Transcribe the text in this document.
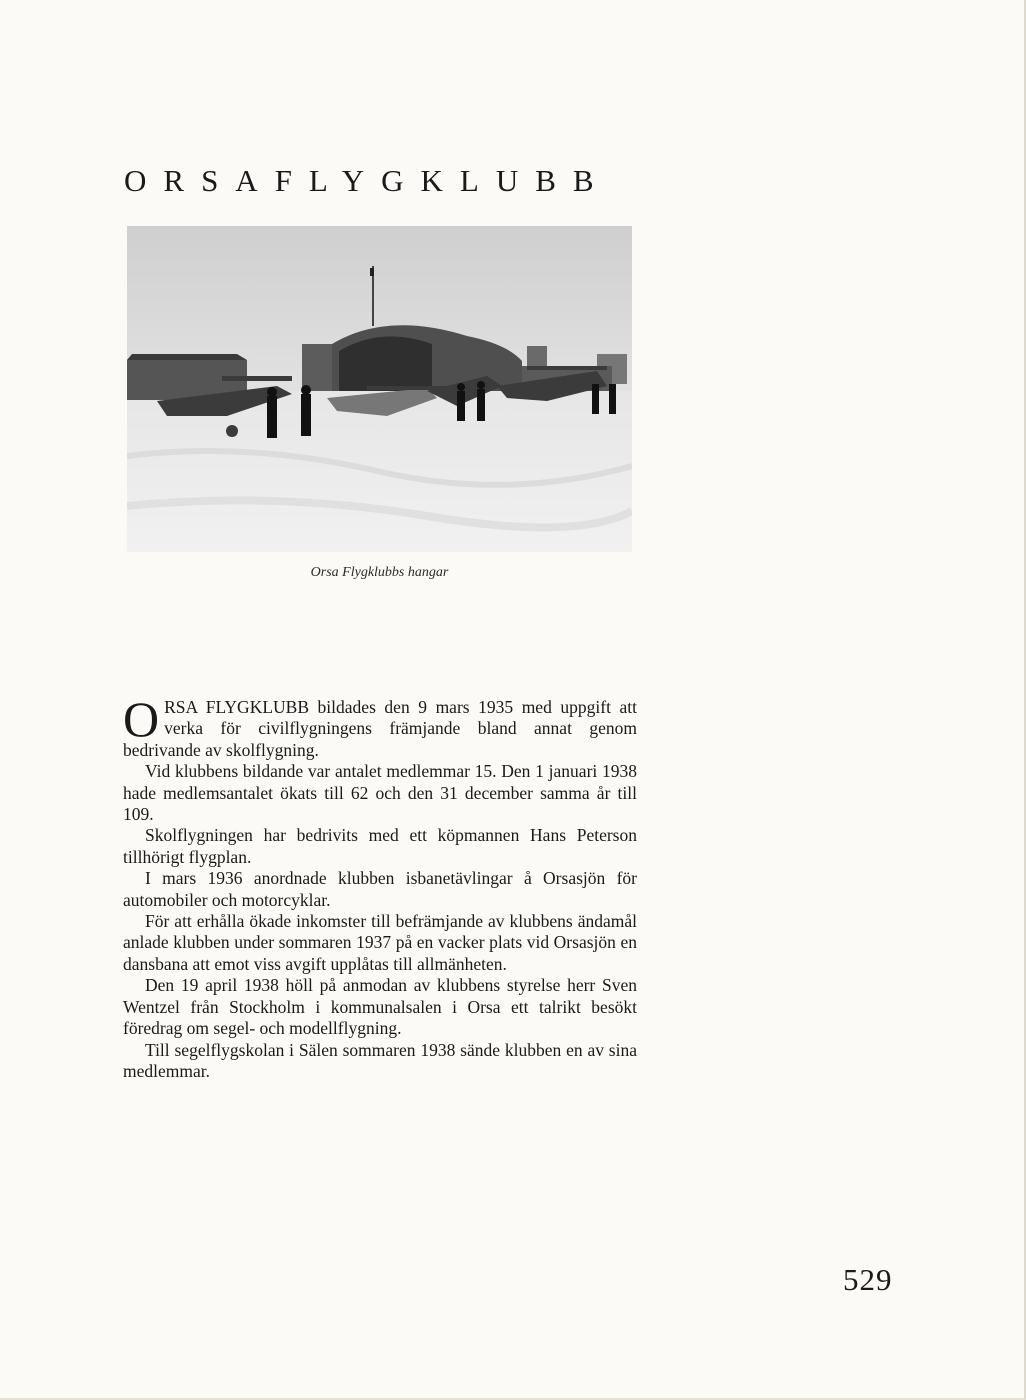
ORSAFLYGKLUBB
Orsa Flygklubbs hangar

ORSA FLYGKLUBB bildades den 9 mars 1935 med uppgift att verka för civilflygningens främjande bland annat genom bedrivande av skolflygning.

Vid klubbens bildande var antalet medlemmar 15. Den 1 januari 1938 hade medlemsantalet ökats till 62 och den 31 december samma år till 109.

Skolflygningen har bedrivits med ett köpmannen Hans Peterson tillhörigt flygplan.

I mars 1936 anordnade klubben isbanetävlingar å Orsasjön för automobiler och motorcyklar.

För att erhålla ökade inkomster till befrämjande av klubbens ändamål anlade klubben under sommaren 1937 på en vacker plats vid Orsasjön en dansbana att emot viss avgift upplåtas till allmänheten.

Den 19 april 1938 höll på anmodan av klubbens styrelse herr Sven Wentzel från Stockholm i kommunalsalen i Orsa ett talrikt besökt föredrag om segel- och modellflygning.

Till segelflygskolan i Sälen sommaren 1938 sände klubben en av sina medlemmar.

529
